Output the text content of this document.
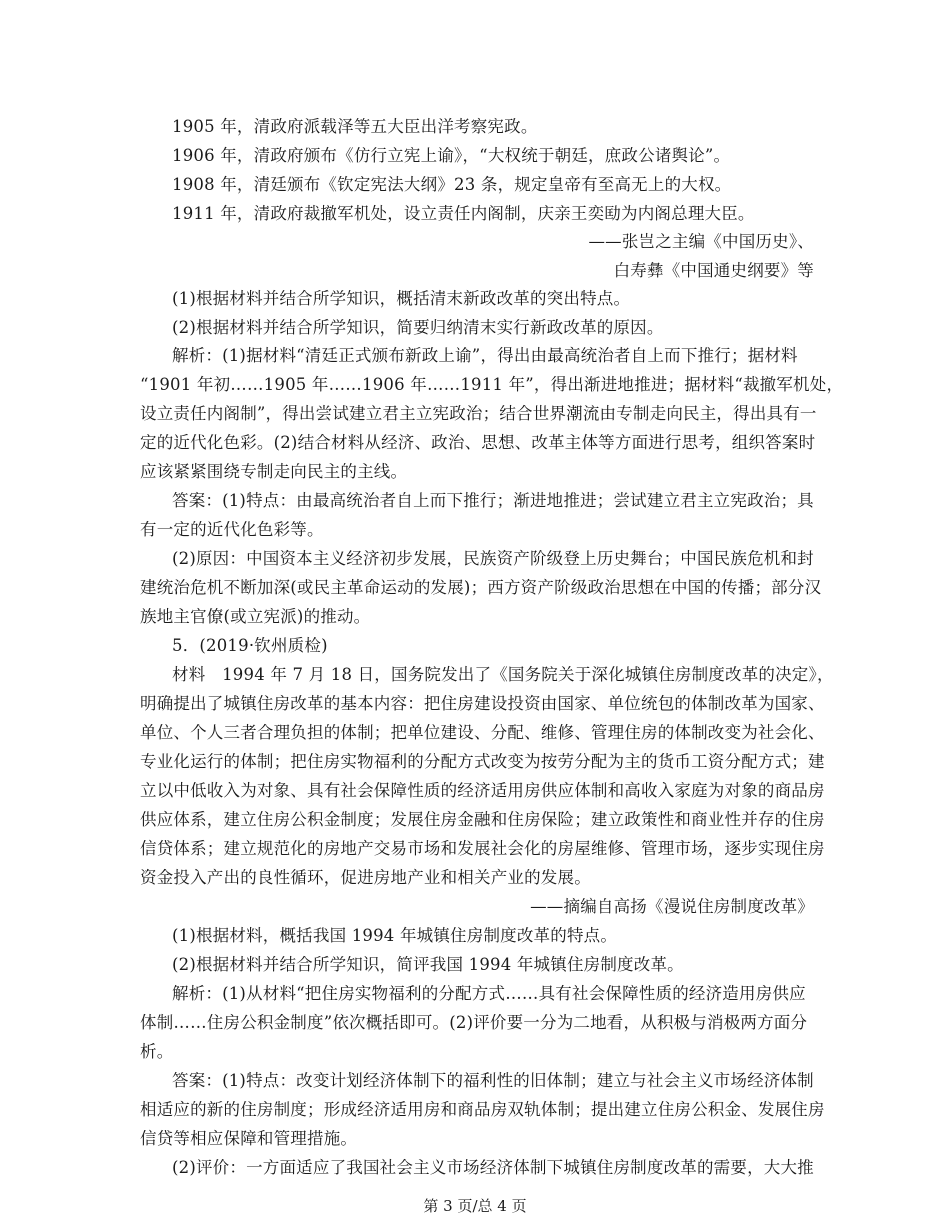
1905 年，清政府派载泽等五大臣出洋考察宪政。
1906 年，清政府颁布《仿行立宪上谕》，“大权统于朝廷，庶政公诸舆论”。
1908 年，清廷颁布《钦定宪法大纲》23 条，规定皇帝有至高无上的大权。
1911 年，清政府裁撤军机处，设立责任内阁制，庆亲王奕劻为内阁总理大臣。
——张岂之主编《中国历史》、
白寿彝《中国通史纲要》等
(1)根据材料并结合所学知识，概括清末新政改革的突出特点。
(2)根据材料并结合所学知识，简要归纳清末实行新政改革的原因。
解析：(1)据材料“清廷正式颁布新政上谕”，得出由最高统治者自上而下推行；据材料
“1901 年初……1905 年……1906 年……1911 年”，得出渐进地推进；据材料“裁撤军机处，
设立责任内阁制”，得出尝试建立君主立宪政治；结合世界潮流由专制走向民主，得出具有一
定的近代化色彩。(2)结合材料从经济、政治、思想、改革主体等方面进行思考，组织答案时
应该紧紧围绕专制走向民主的主线。
答案：(1)特点：由最高统治者自上而下推行；渐进地推进；尝试建立君主立宪政治；具
有一定的近代化色彩等。
(2)原因：中国资本主义经济初步发展，民族资产阶级登上历史舞台；中国民族危机和封
建统治危机不断加深(或民主革命运动的发展)；西方资产阶级政治思想在中国的传播；部分汉
族地主官僚(或立宪派)的推动。
5．(2019·钦州质检)
材料　1994 年 7 月 18 日，国务院发出了《国务院关于深化城镇住房制度改革的决定》，
明确提出了城镇住房改革的基本内容：把住房建设投资由国家、单位统包的体制改革为国家、
单位、个人三者合理负担的体制；把单位建设、分配、维修、管理住房的体制改变为社会化、
专业化运行的体制；把住房实物福利的分配方式改变为按劳分配为主的货币工资分配方式；建
立以中低收入为对象、具有社会保障性质的经济适用房供应体制和高收入家庭为对象的商品房
供应体系，建立住房公积金制度；发展住房金融和住房保险；建立政策性和商业性并存的住房
信贷体系；建立规范化的房地产交易市场和发展社会化的房屋维修、管理市场，逐步实现住房
资金投入产出的良性循环，促进房地产业和相关产业的发展。
——摘编自高扬《漫说住房制度改革》
(1)根据材料，概括我国 1994 年城镇住房制度改革的特点。
(2)根据材料并结合所学知识，简评我国 1994 年城镇住房制度改革。
解析：(1)从材料“把住房实物福利的分配方式……具有社会保障性质的经济造用房供应
体制……住房公积金制度”依次概括即可。(2)评价要一分为二地看，从积极与消极两方面分
析。
答案：(1)特点：改变计划经济体制下的福利性的旧体制；建立与社会主义市场经济体制
相适应的新的住房制度；形成经济适用房和商品房双轨体制；提出建立住房公积金、发展住房
信贷等相应保障和管理措施。
(2)评价：一方面适应了我国社会主义市场经济体制下城镇住房制度改革的需要，大大推
第 3 页/总 4 页
